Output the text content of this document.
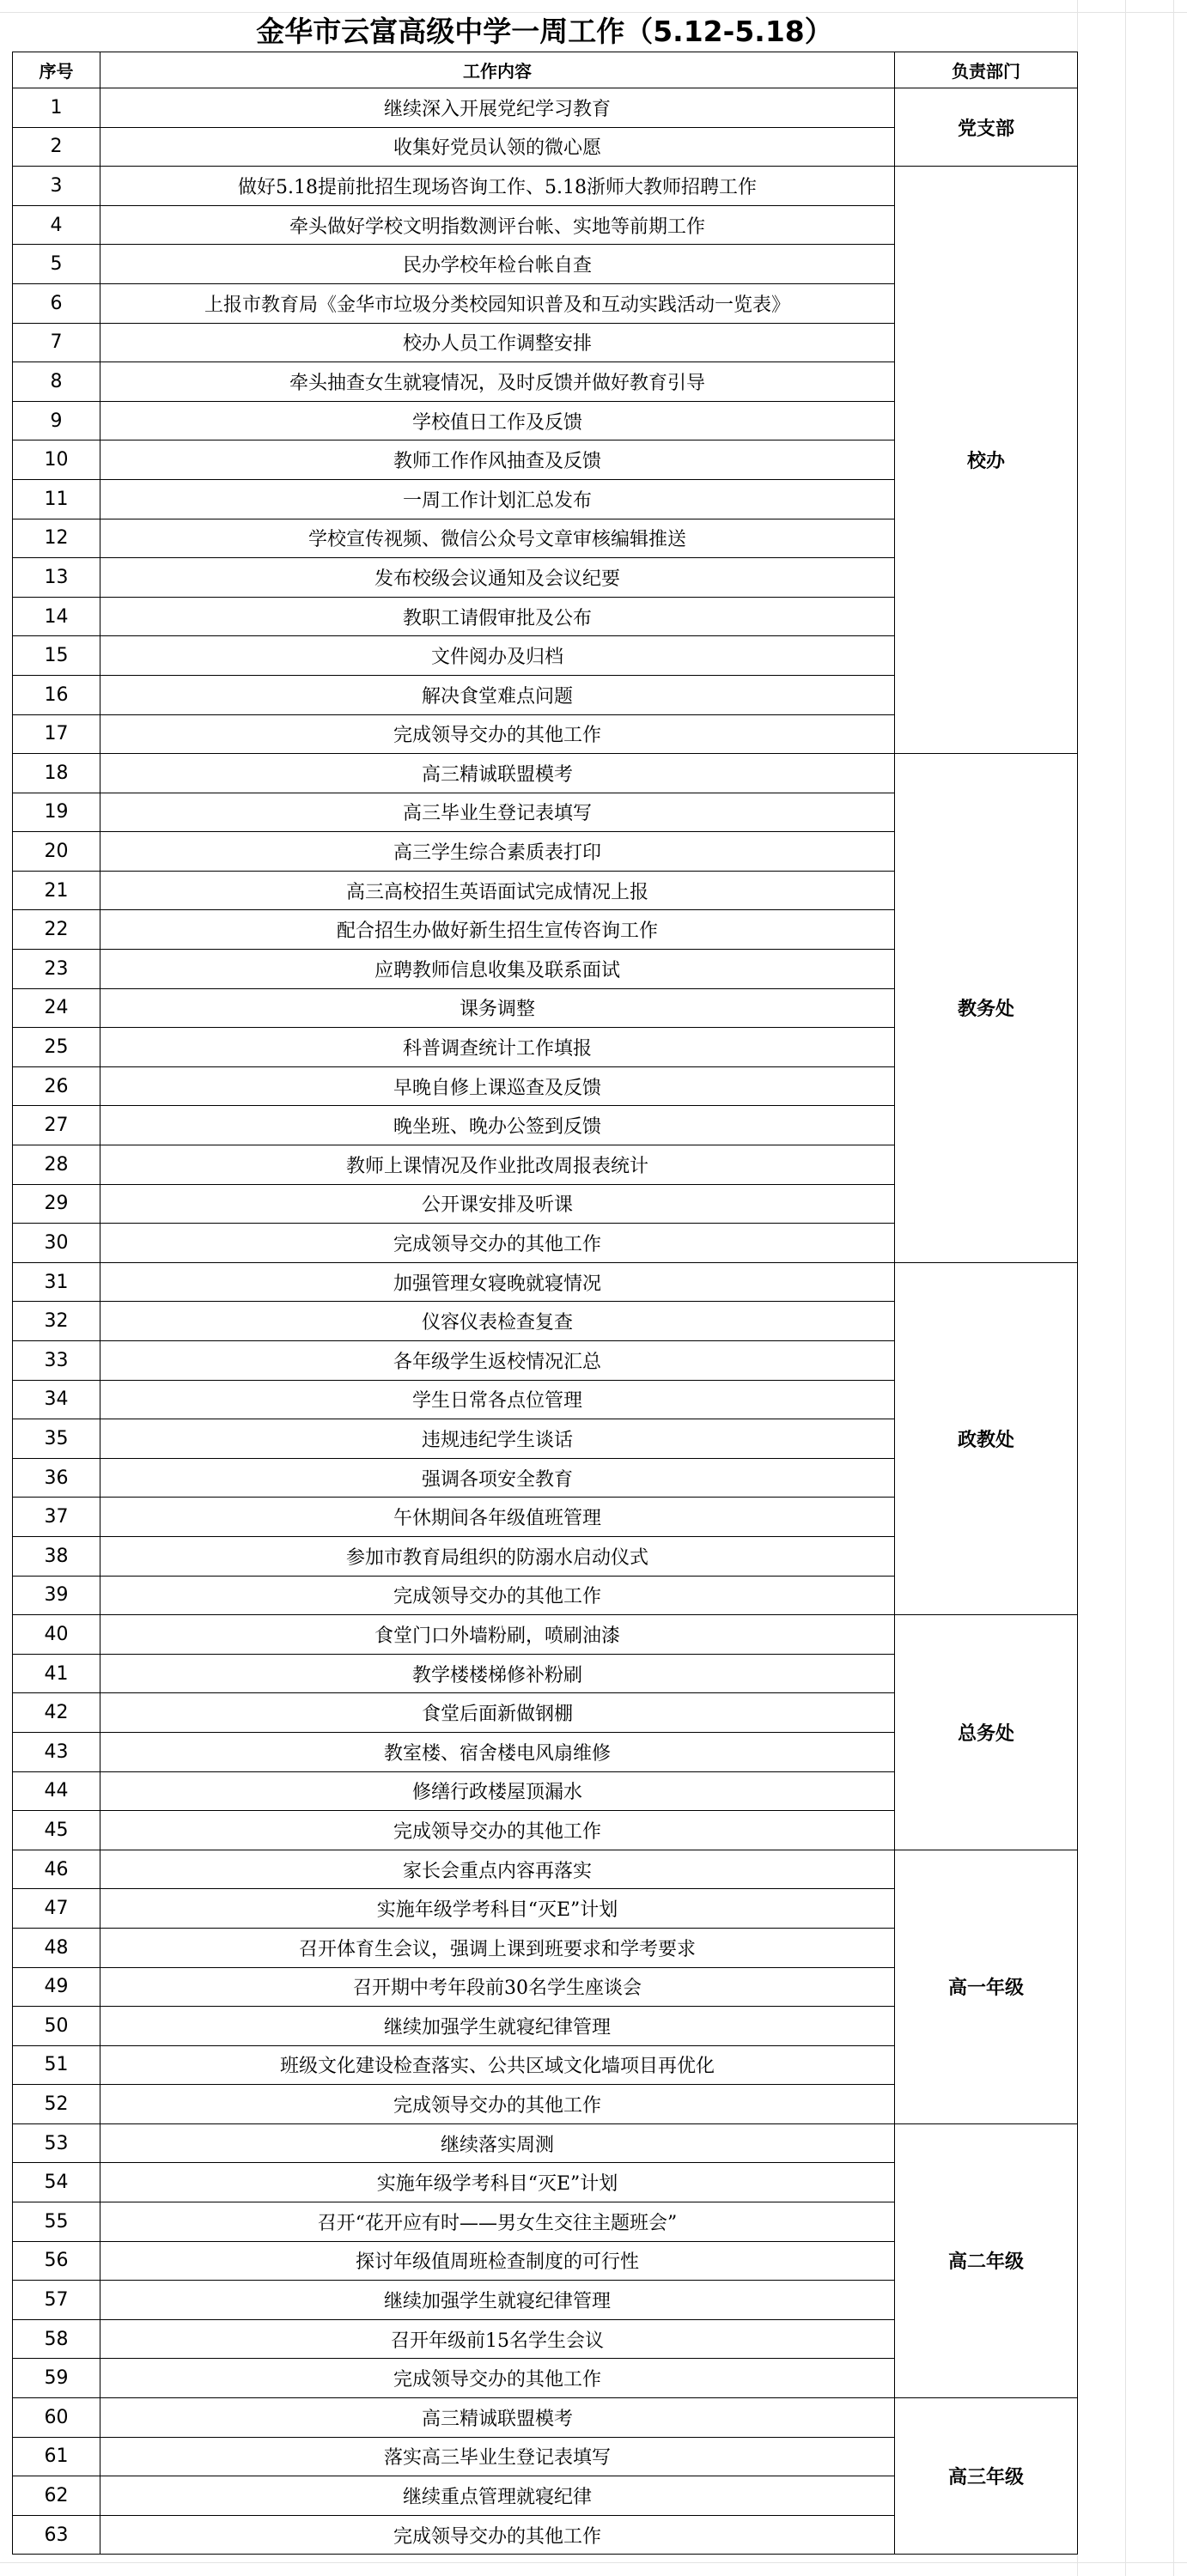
金华市云富高级中学一周工作（5.12-5.18）
序号	工作内容	负责部门
1	继续深入开展党纪学习教育	党支部
2	收集好党员认领的微心愿	
3	做好5.18提前批招生现场咨询工作、5.18浙师大教师招聘工作	校办
4	牵头做好学校文明指数测评台帐、实地等前期工作	
5	民办学校年检台帐自查	
6	上报市教育局《金华市垃圾分类校园知识普及和互动实践活动一览表》	
7	校办人员工作调整安排	
8	牵头抽查女生就寝情况，及时反馈并做好教育引导	
9	学校值日工作及反馈	
10	教师工作作风抽查及反馈	
11	一周工作计划汇总发布	
12	学校宣传视频、微信公众号文章审核编辑推送	
13	发布校级会议通知及会议纪要	
14	教职工请假审批及公布	
15	文件阅办及归档	
16	解决食堂难点问题	
17	完成领导交办的其他工作	
18	高三精诚联盟模考	教务处
19	高三毕业生登记表填写	
20	高三学生综合素质表打印	
21	高三高校招生英语面试完成情况上报	
22	配合招生办做好新生招生宣传咨询工作	
23	应聘教师信息收集及联系面试	
24	课务调整	
25	科普调查统计工作填报	
26	早晚自修上课巡查及反馈	
27	晚坐班、晚办公签到反馈	
28	教师上课情况及作业批改周报表统计	
29	公开课安排及听课	
30	完成领导交办的其他工作	
31	加强管理女寝晚就寝情况	政教处
32	仪容仪表检查复查	
33	各年级学生返校情况汇总	
34	学生日常各点位管理	
35	违规违纪学生谈话	
36	强调各项安全教育	
37	午休期间各年级值班管理	
38	参加市教育局组织的防溺水启动仪式	
39	完成领导交办的其他工作	
40	食堂门口外墙粉刷，喷刷油漆	总务处
41	教学楼楼梯修补粉刷	
42	食堂后面新做钢棚	
43	教室楼、宿舍楼电风扇维修	
44	修缮行政楼屋顶漏水	
45	完成领导交办的其他工作	
46	家长会重点内容再落实	高一年级
47	实施年级学考科目“灭E”计划	
48	召开体育生会议，强调上课到班要求和学考要求	
49	召开期中考年段前30名学生座谈会	
50	继续加强学生就寝纪律管理	
51	班级文化建设检查落实、公共区域文化墙项目再优化	
52	完成领导交办的其他工作	
53	继续落实周测	高二年级
54	实施年级学考科目“灭E”计划	
55	召开“花开应有时——男女生交往主题班会”	
56	探讨年级值周班检查制度的可行性	
57	继续加强学生就寝纪律管理	
58	召开年级前15名学生会议	
59	完成领导交办的其他工作	
60	高三精诚联盟模考	高三年级
61	落实高三毕业生登记表填写	
62	继续重点管理就寝纪律	
63	完成领导交办的其他工作	
